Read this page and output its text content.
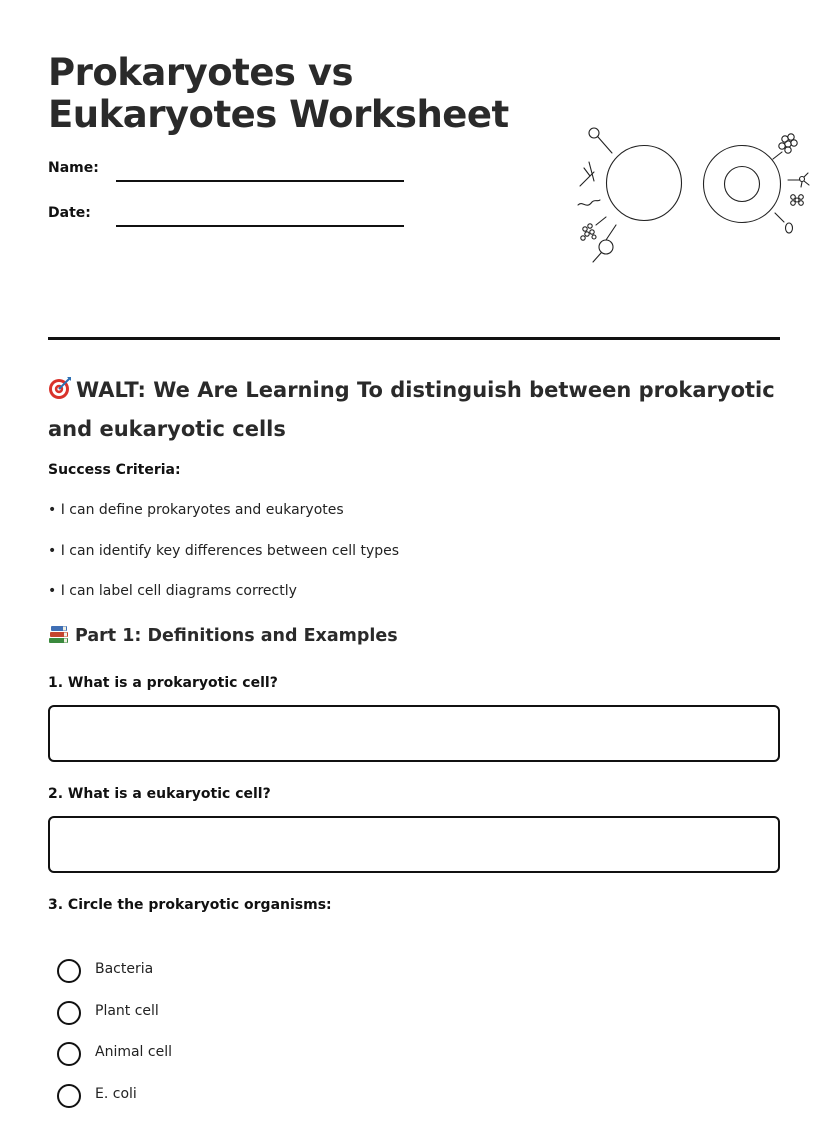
Prokaryotes vs Eukaryotes Worksheet
Name:
Date:
WALT: We Are Learning To distinguish between prokaryotic and eukaryotic cells
Success Criteria:
• I can define prokaryotes and eukaryotes
• I can identify key differences between cell types
• I can label cell diagrams correctly
Part 1: Definitions and Examples
1. What is a prokaryotic cell?
2. What is a eukaryotic cell?
3. Circle the prokaryotic organisms:
Bacteria
Plant cell
Animal cell
E. coli
